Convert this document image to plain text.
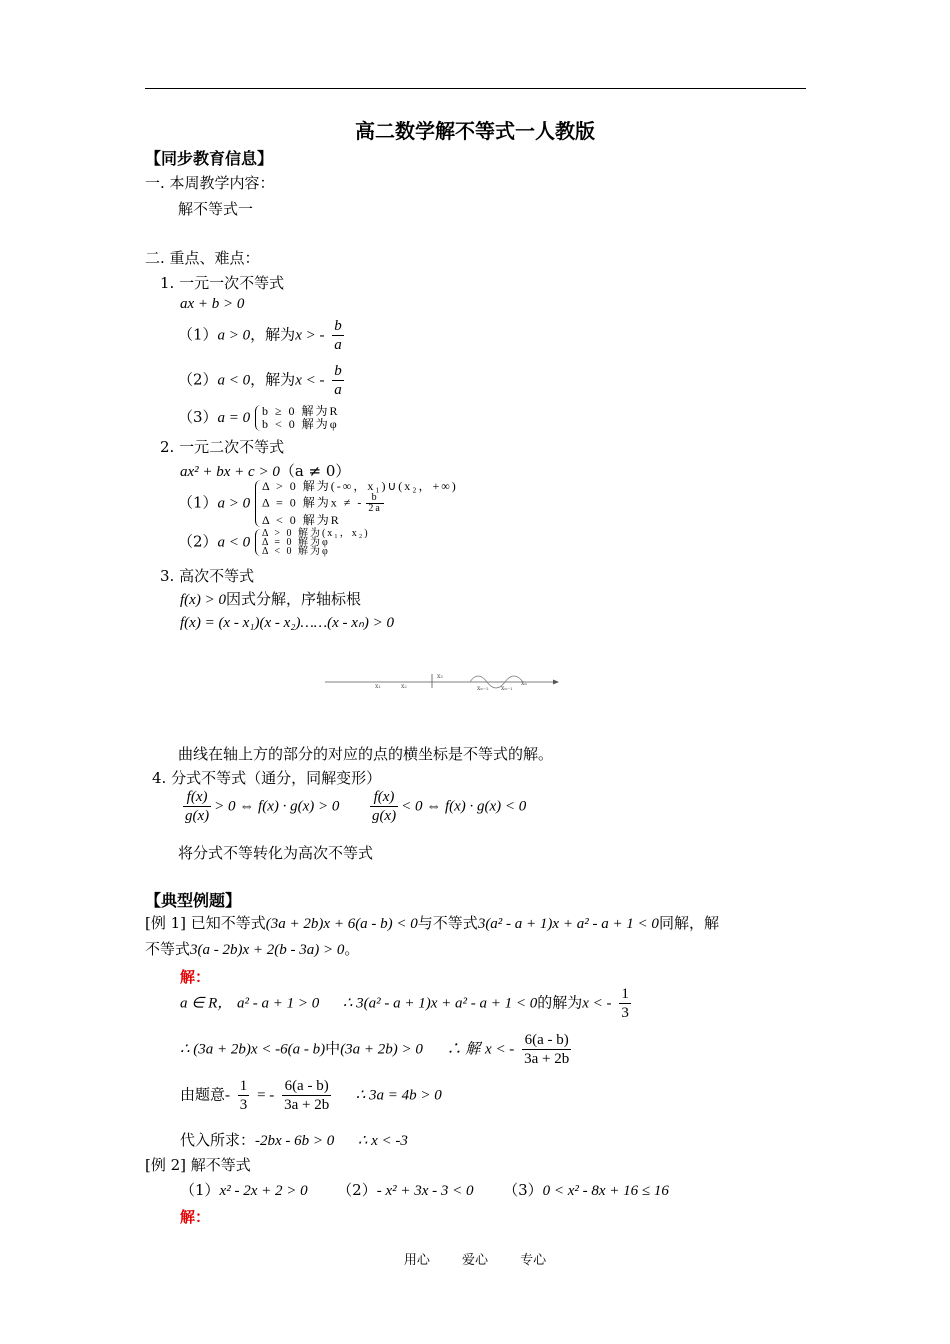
高二数学解不等式一人教版
【同步教育信息】
一. 本周教学内容：
解不等式一
二. 重点、难点：
1. 一元一次不等式
ax + b > 0
（1）a > 0，解为x > - $\frac{b}{a}$
（2）a < 0，解为x < - $\frac{b}{a}$
（3）a = 0 b ≥ 0 解为R
b < 0 解为φ
2. 一元二次不等式
ax² + bx + c > 0（a ≠ 0）
（1）a > 0
Δ > 0 解为(-∞，x₁)∪(x₂，+∞)
Δ = 0 解为x ≠ - $\frac{b}{2a}$
Δ < 0 解为R
（2）a < 0
Δ > 0 解为(x₁，x₂)
Δ = 0 解为φ
Δ < 0 解为φ
3. 高次不等式
f(x) > 0因式分解，序轴标根
f(x) = (x - x₁)(x - x₂)……(x - xₙ) > 0
x₁	x₂
x₃
xₙ₋₂ xₙ₋₁
xₙ
曲线在轴上方的部分的对应的点的横坐标是不等式的解。
4. 分式不等式（通分，同解变形）
$\frac{f(x)}{g(x)} > 0$ ⇔ $f(x) \cdot g(x) > 0 \frac{f(x)}{g(x)} < 0$ ⇔ f(x) · g(x) < 0
将分式不等转化为高次不等式
【典型例题】
[例 1] 已知不等式(3a + 2b)x + 6(a - b) < 0与不等式3(a² - a + 1)x + a² - a + 1 < 0同解，解
不等式3(a - 2b)x + 2(b - 3a) > 0。
解：
a ∈ R， a² - a + 1 > 0 ∴ 3(a² - a + 1)x + a² - a + 1 < 0的解为x < - $\frac{1}{3}$
∴ (3a + 2b)x < -6(a - b)中(3a + 2b) > 0 ∴ 解 x < - $\frac{6(a - b)}{3a + 2b}$
由题意- $\frac{1}{3}$ = - $\frac{6(a - b)}{3a + 2b}$ ∴ 3a = 4b > 0
代入所求：-2bx - 6b > 0 ∴ x < -3
[例 2] 解不等式
（1）x² - 2x + 2 > 0 （2）- x² + 3x - 3 < 0 （3）0 < x² - 8x + 16 ≤ 16
解：
用心 爱心 专心
